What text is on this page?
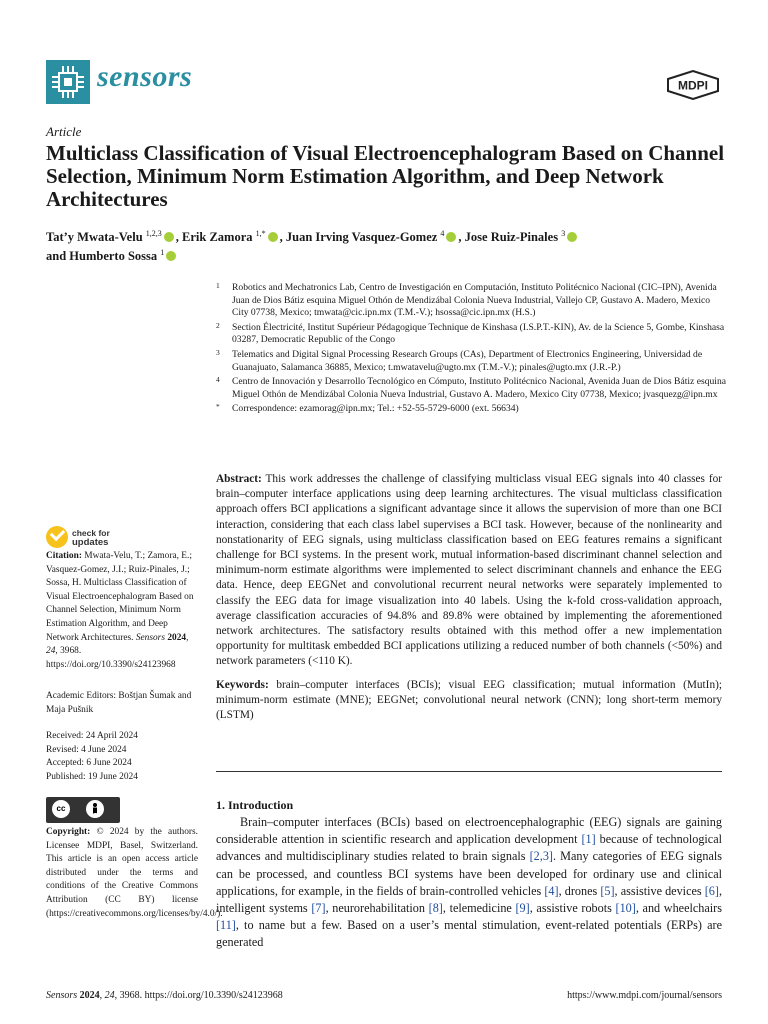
sensors	MDPI
Article
Multiclass Classification of Visual Electroencephalogram Based on Channel Selection, Minimum Norm Estimation Algorithm, and Deep Network Architectures
Tat’y Mwata-Velu $^{1,2,3}$ , Erik Zamora $^{1,*}$ , Juan Irving Vasquez-Gomez $^4$ , Jose Ruiz-Pinales $^3$
and Humberto Sossa $^1$
1 Robotics and Mechatronics Lab, Centro de Investigación en Computación, Instituto Politécnico Nacional (CIC–IPN), Avenida Juan de Dios Bátiz esquina Miguel Othón de Mendizábal Colonia Nueva Industrial, Vallejo CP, Gustavo A. Madero, Mexico City 07738, Mexico; tmwata@cic.ipn.mx (T.M.-V.); hsossa@cic.ipn.mx (H.S.)
2 Section Électricité, Institut Supérieur Pédagogique Technique de Kinshasa (I.S.P.T.-KIN), Av. de la Science 5, Gombe, Kinshasa 03287, Democratic Republic of the Congo
3 Telematics and Digital Signal Processing Research Groups (CAs), Department of Electronics Engineering, Universidad de Guanajuato, Salamanca 36885, Mexico; t.mwatavelu@ugto.mx (T.M.-V.); pinales@ugto.mx (J.R.-P.)
4 Centro de Innovación y Desarrollo Tecnológico en Cómputo, Instituto Politécnico Nacional, Avenida Juan de Dios Bátiz esquina Miguel Othón de Mendizábal Colonia Nueva Industrial, Gustavo A. Madero, Mexico City 07738, Mexico; jvasquezg@ipn.mx
* Correspondence: ezamorag@ipn.mx; Tel.: +52-55-5729-6000 (ext. 56634)
check for
updates
Citation: Mwata-Velu, T.; Zamora, E.; Vasquez-Gomez, J.I.; Ruiz-Pinales, J.; Sossa, H. Multiclass Classification of Visual Electroencephalogram Based on Channel Selection, Minimum Norm Estimation Algorithm, and Deep Network Architectures. Sensors 2024, 24, 3968. https://doi.org/10.3390/s24123968
Academic Editors: Boštjan Šumak and Maja Pušnik
Received: 24 April 2024
Revised: 4 June 2024
Accepted: 6 June 2024
Published: 19 June 2024
cc
BY
Copyright: © 2024 by the authors. Licensee MDPI, Basel, Switzerland. This article is an open access article distributed under the terms and conditions of the Creative Commons Attribution (CC BY) license (https://creativecommons.org/licenses/by/4.0/).
Abstract: This work addresses the challenge of classifying multiclass visual EEG signals into 40 classes for brain–computer interface applications using deep learning architectures. The visual multiclass classification approach offers BCI applications a significant advantage since it allows the supervision of more than one BCI interaction, considering that each class label supervises a BCI task. However, because of the nonlinearity and nonstationarity of EEG signals, using multiclass classification based on EEG features remains a significant challenge for BCI systems. In the present work, mutual information-based discriminant channel selection and minimum-norm estimate algorithms were implemented to select discriminant channels and enhance the EEG data. Hence, deep EEGNet and convolutional recurrent neural networks were separately implemented to classify the EEG data for image visualization into 40 labels. Using the k-fold cross-validation approach, average classification accuracies of 94.8% and 89.8% were obtained by implementing the aforementioned network architectures. The satisfactory results obtained with this method offer a new implementation opportunity for multitask embedded BCI applications utilizing a reduced number of both channels (<50%) and network parameters (<110 K).
Keywords: brain–computer interfaces (BCIs); visual EEG classification; mutual information (MutIn); minimum-norm estimate (MNE); EEGNet; convolutional neural network (CNN); long short-term memory (LSTM)
1. Introduction
Brain–computer interfaces (BCIs) based on electroencephalographic (EEG) signals are gaining considerable attention in scientific research and application development [1] because of technological advances and multidisciplinary studies related to brain signals [2,3]. Many categories of EEG signals can be processed, and countless BCI systems have been developed for ordinary use and clinical applications, for example, in the fields of brain-controlled vehicles [4], drones [5], assistive devices [6], intelligent systems [7], neurorehabilitation [8], telemedicine [9], assistive robots [10], and wheelchairs [11], to name but a few. Based on a user’s mental stimulation, event-related potentials (ERPs) are generated
Sensors 2024, 24, 3968. https://doi.org/10.3390/s24123968	https://www.mdpi.com/journal/sensors
